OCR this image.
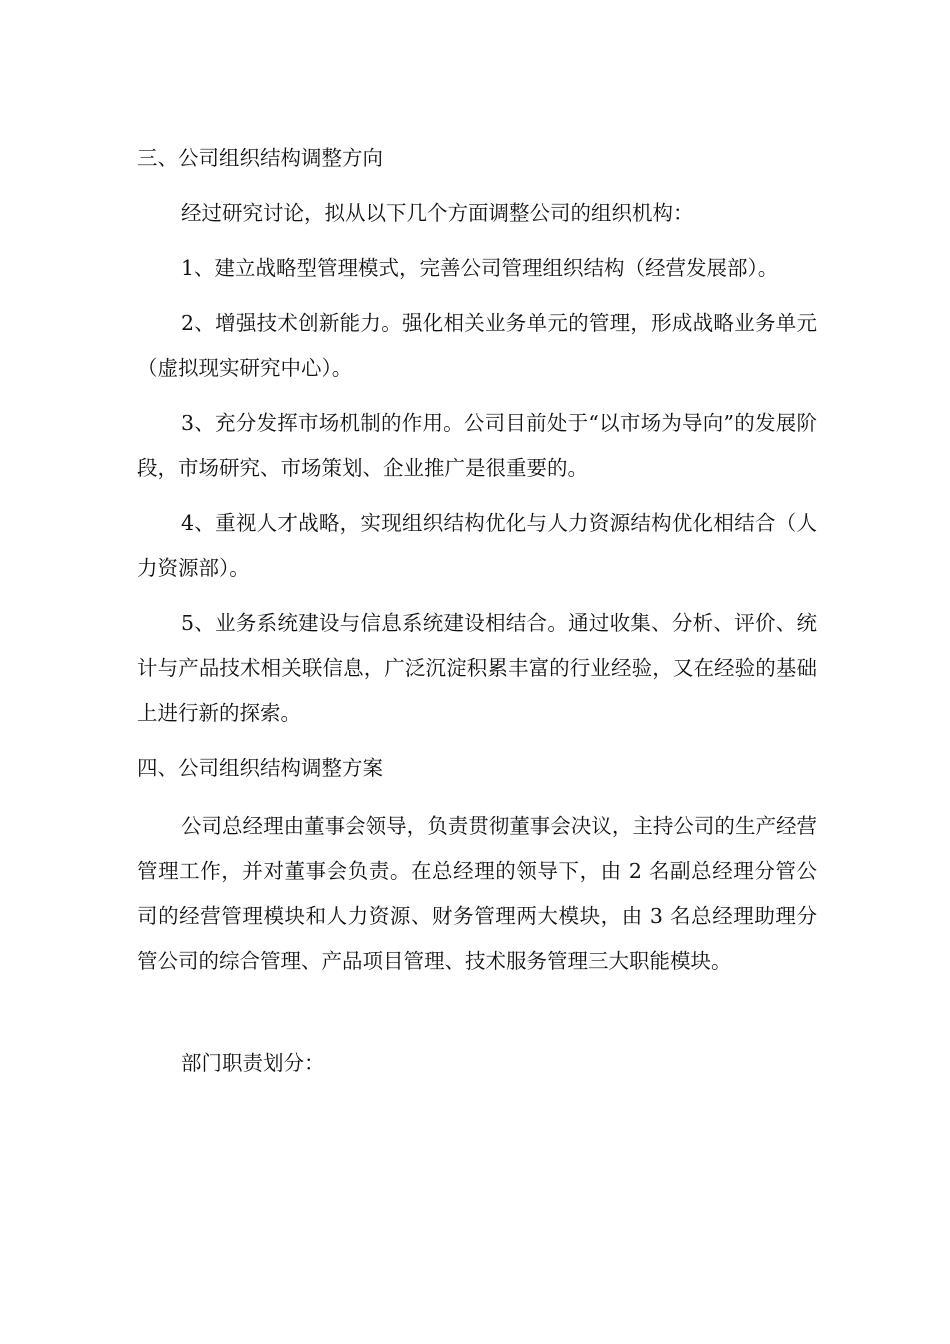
三、公司组织结构调整方向

经过研究讨论，拟从以下几个方面调整公司的组织机构：

1、建立战略型管理模式，完善公司管理组织结构（经营发展部）。

2、增强技术创新能力。强化相关业务单元的管理，形成战略业务单元（虚拟现实研究中心）。

3、充分发挥市场机制的作用。公司目前处于“以市场为导向”的发展阶段，市场研究、市场策划、企业推广是很重要的。

4、重视人才战略，实现组织结构优化与人力资源结构优化相结合（人力资源部）。

5、业务系统建设与信息系统建设相结合。通过收集、分析、评价、统计与产品技术相关联信息，广泛沉淀积累丰富的行业经验，又在经验的基础上进行新的探索。

四、公司组织结构调整方案

公司总经理由董事会领导，负责贯彻董事会决议，主持公司的生产经营管理工作，并对董事会负责。在总经理的领导下，由 2 名副总经理分管公司的经营管理模块和人力资源、财务管理两大模块，由 3 名总经理助理分管公司的综合管理、产品项目管理、技术服务管理三大职能模块。

部门职责划分：
